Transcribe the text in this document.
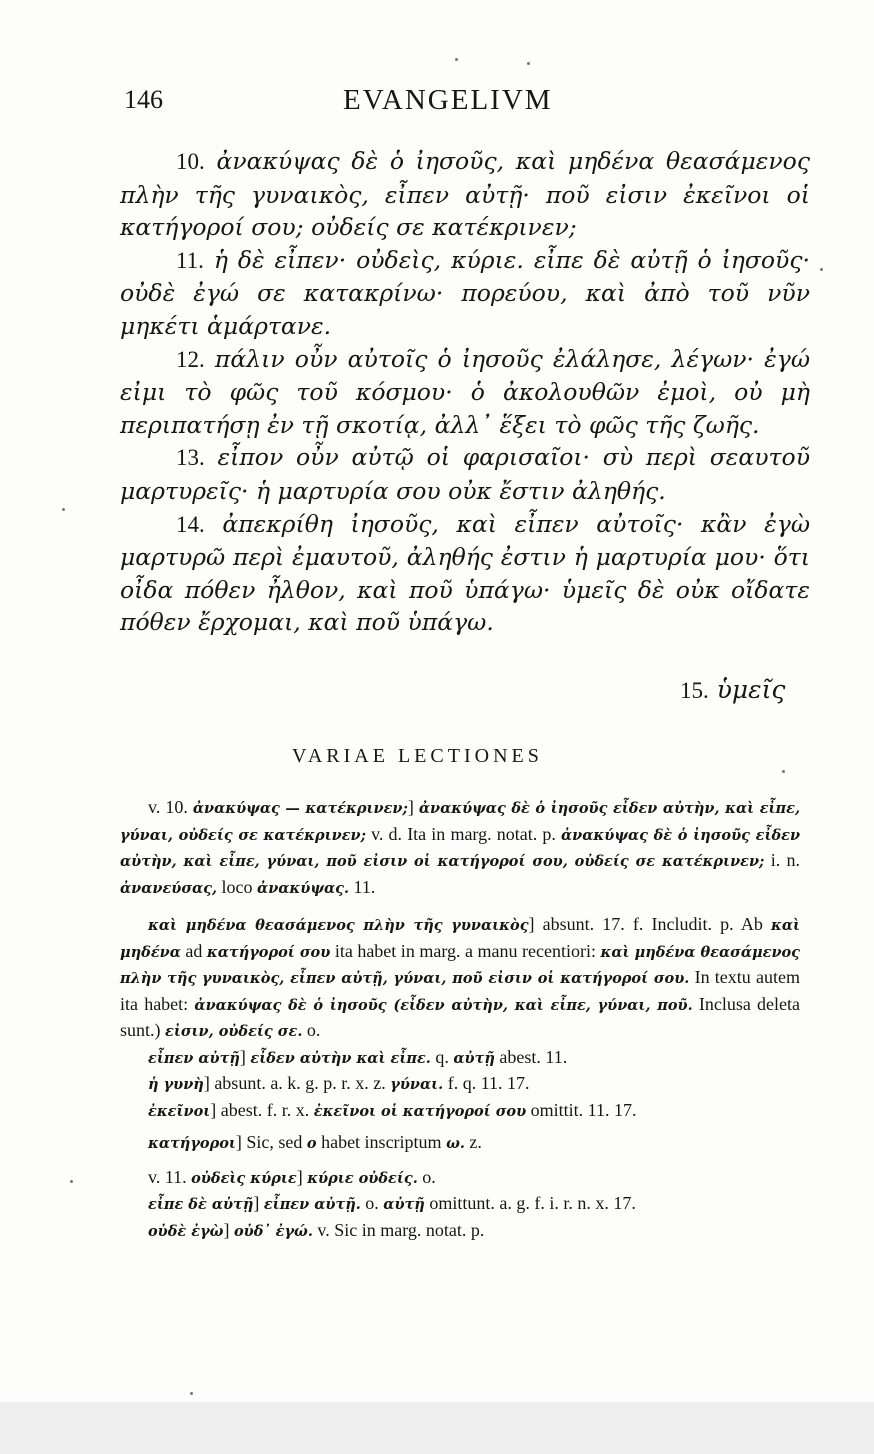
146	EVANGELIVM

10. ἀνακύψας δὲ ὁ ἰησοῦς, καὶ μηδένα θεασάμενος πλὴν τῆς γυναικὸς, εἶπεν αὐτῇ· ποῦ εἰσιν ἐκεῖνοι οἱ κατήγοροί σου; οὐδείς σε κατέκρινεν;

11. ἡ δὲ εἶπεν· οὐδεὶς, κύριε. εἶπε δὲ αὐτῇ ὁ ἰησοῦς· οὐδὲ ἐγώ σε κατακρίνω· πορεύου, καὶ ἀπὸ τοῦ νῦν μηκέτι ἁμάρτανε.

12. πάλιν οὖν αὐτοῖς ὁ ἰησοῦς ἐλάλησε, λέγων· ἐγώ εἰμι τὸ φῶς τοῦ κόσμου· ὁ ἀκολουθῶν ἐμοὶ, οὐ μὴ περιπατήσῃ ἐν τῇ σκοτίᾳ, ἀλλ᾽ ἕξει τὸ φῶς τῆς ζωῆς.

13. εἶπον οὖν αὐτῷ οἱ φαρισαῖοι· σὺ περὶ σεαυτοῦ μαρτυρεῖς· ἡ μαρτυρία σου οὐκ ἔστιν ἀληθής.

14. ἀπεκρίθη ἰησοῦς, καὶ εἶπεν αὐτοῖς· κἂν ἐγὼ μαρτυρῶ περὶ ἐμαυτοῦ, ἀληθής ἐστιν ἡ μαρτυρία μου· ὅτι οἶδα πόθεν ἦλθον, καὶ ποῦ ὑπάγω· ὑμεῖς δὲ οὐκ οἴδατε πόθεν ἔρχομαι, καὶ ποῦ ὑπάγω.

15. ὑμεῖς
VARIAE LECTIONES

v. 10. ἀνακύψας — κατέκρινεν;] ἀνακύψας δὲ ὁ ἰησοῦς εἶδεν αὐτὴν, καὶ εἶπε, γύναι, οὐδείς σε κατέκρινεν; v. d. Ita in marg. notat. p. ἀνακύψας δὲ ὁ ἰησοῦς εἶδεν αὐτὴν, καὶ εἶπε, γύναι, ποῦ εἰσιν οἱ κατήγοροί σου, οὐδείς σε κατέκρινεν; i. n. ἀνανεύσας, loco ἀνακύψας. 11.

καὶ μηδένα θεασάμενος πλὴν τῆς γυναικὸς] absunt. 17. f. Includit. p. Ab καὶ μηδένα ad κατήγοροί σου ita habet in marg. a manu recentiori: καὶ μηδένα θεασάμενος πλὴν τῆς γυναικὸς, εἶπεν αὐτῇ, γύναι, ποῦ εἰσιν οἱ κατήγοροί σου. In textu autem ita habet: ἀνακύψας δὲ ὁ ἰησοῦς (εἶδεν αὐτὴν, καὶ εἶπε, γύναι, ποῦ. Inclusa deleta sunt.) εἰσιν, οὐδείς σε. o.

εἶπεν αὐτῇ] εἶδεν αὐτὴν καὶ εἶπε. q. αὐτῇ abest. 11.

ἡ γυνὴ] absunt. a. k. g. p. r. x. z. γύναι. f. q. 11. 17.

ἐκεῖνοι] abest. f. r. x. ἐκεῖνοι οἱ κατήγοροί σου omittit. 11. 17.

κατήγοροι] Sic, sed ο habet inscriptum ω. z.

v. 11. οὐδεὶς κύριε] κύριε οὐδείς. o.

εἶπε δὲ αὐτῇ] εἶπεν αὐτῇ. o. αὐτῇ omittunt. a. g. f. i. r. n. x. 17.

οὐδὲ ἐγὼ] οὐδ᾽ ἐγώ. v. Sic in marg. notat. p.
